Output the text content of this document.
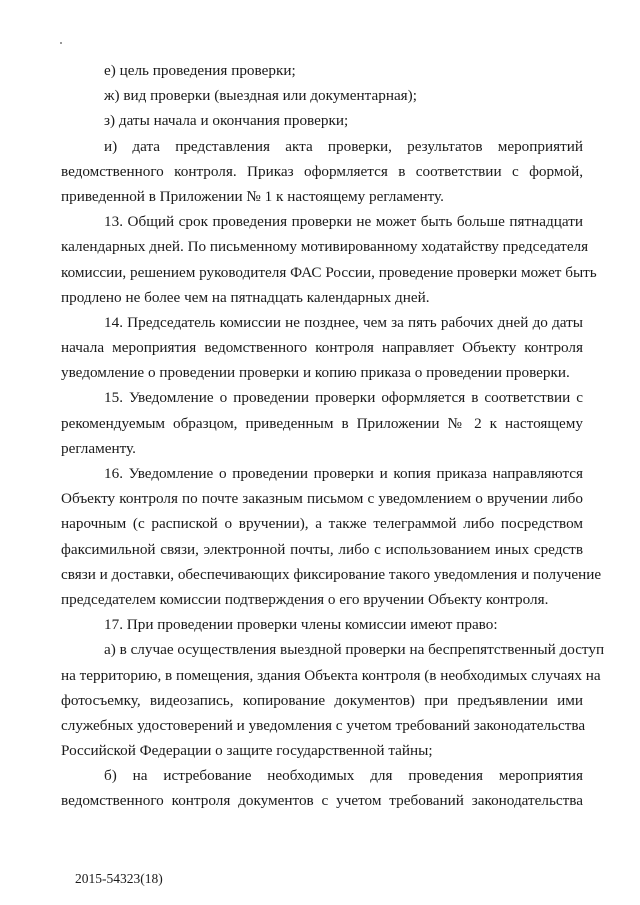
е) цель проведения проверки;
ж) вид проверки (выездная или документарная);
з) даты начала и окончания проверки;
и) дата представления акта проверки, результатов мероприятий
ведомственного контроля. Приказ оформляется в соответствии с формой,
приведенной в Приложении № 1 к настоящему регламенту.
13. Общий срок проведения проверки не может быть больше пятнадцати
календарных дней. По письменному мотивированному ходатайству председателя
комиссии, решением руководителя ФАС России, проведение проверки может быть
продлено не более чем на пятнадцать календарных дней.
14. Председатель комиссии не позднее, чем за пять рабочих дней до даты
начала мероприятия ведомственного контроля направляет Объекту контроля
уведомление о проведении проверки и копию приказа о проведении проверки.
15. Уведомление о проведении проверки оформляется в соответствии с
рекомендуемым образцом, приведенным в Приложении № 2 к настоящему
регламенту.
16. Уведомление о проведении проверки и копия приказа направляются
Объекту контроля по почте заказным письмом с уведомлением о вручении либо
нарочным (с распиской о вручении), а также телеграммой либо посредством
факсимильной связи, электронной почты, либо с использованием иных средств
связи и доставки, обеспечивающих фиксирование такого уведомления и получение
председателем комиссии подтверждения о его вручении Объекту контроля.
17. При проведении проверки члены комиссии имеют право:
а) в случае осуществления выездной проверки на беспрепятственный доступ
на территорию, в помещения, здания Объекта контроля (в необходимых случаях на
фотосъемку, видеозапись, копирование документов) при предъявлении ими
служебных удостоверений и уведомления с учетом требований законодательства
Российской Федерации о защите государственной тайны;
б) на истребование необходимых для проведения мероприятия
ведомственного контроля документов с учетом требований законодательства
2015-54323(18)
